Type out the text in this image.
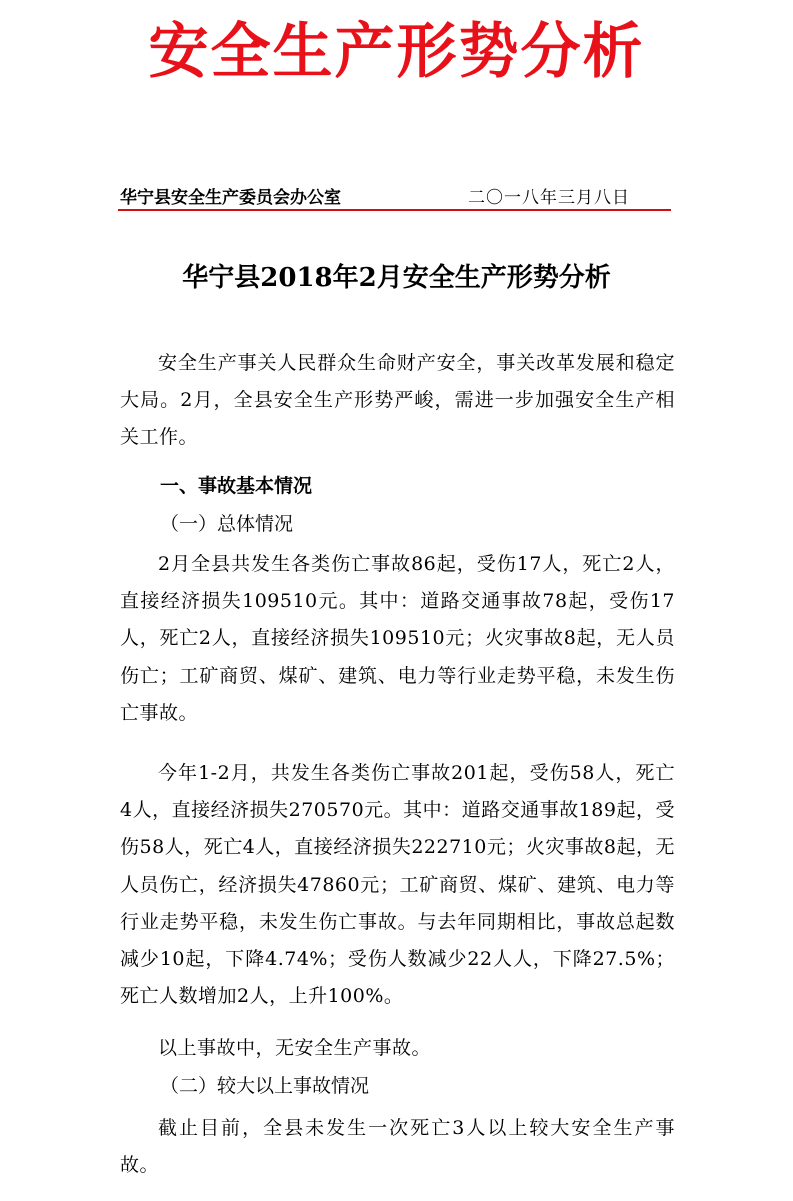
安全生产形势分析
华宁县安全生产委员会办公室	二〇一八年三月八日
华宁县2018年2月安全生产形势分析

安全生产事关人民群众生命财产安全，事关改革发展和稳定大局。2月，全县安全生产形势严峻，需进一步加强安全生产相关工作。

一、事故基本情况

（一）总体情况

2月全县共发生各类伤亡事故86起，受伤17人，死亡2人，直接经济损失109510元。其中：道路交通事故78起，受伤17人，死亡2人，直接经济损失109510元；火灾事故8起，无人员伤亡；工矿商贸、煤矿、建筑、电力等行业走势平稳，未发生伤亡事故。

今年1-2月，共发生各类伤亡事故201起，受伤58人，死亡4人，直接经济损失270570元。其中：道路交通事故189起，受伤58人，死亡4人，直接经济损失222710元；火灾事故8起，无人员伤亡，经济损失47860元；工矿商贸、煤矿、建筑、电力等行业走势平稳，未发生伤亡事故。与去年同期相比，事故总起数减少10起，下降4.74%；受伤人数减少22人人，下降27.5%；死亡人数增加2人，上升100%。

以上事故中，无安全生产事故。

（二）较大以上事故情况

截止目前，全县未发生一次死亡3人以上较大安全生产事故。
